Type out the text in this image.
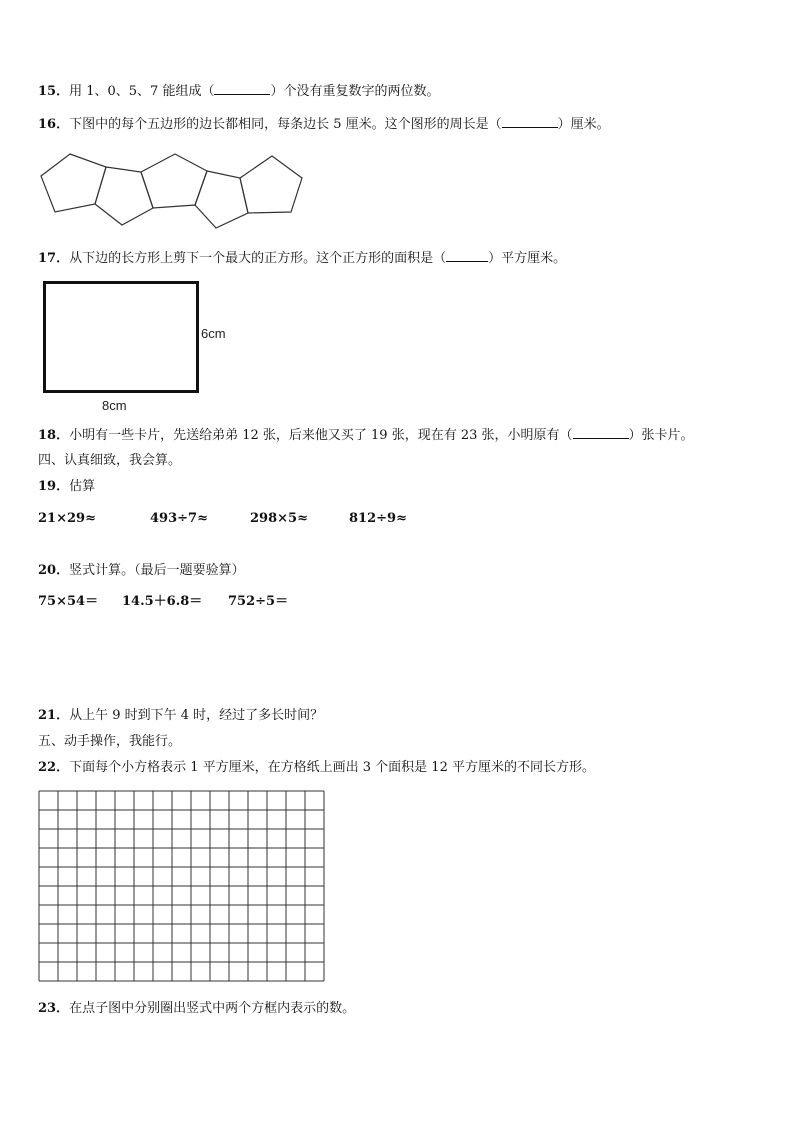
15．用 1、0、5、7 能组成（	）个没有重复数字的两位数。
16．下图中的每个五边形的边长都相同，每条边长 5 厘米。这个图形的周长是（	）厘米。
17．从下边的长方形上剪下一个最大的正方形。这个正方形的面积是（	）平方厘米。
6cm
8cm
18．小明有一些卡片，先送给弟弟 12 张，后来他又买了 19 张，现在有 23 张，小明原有（	）张卡片。
四、认真细致，我会算。
19．估算
21×29≈	493÷7≈	298×5≈	812÷9≈
20．竖式计算。（最后一题要验算）
75×54＝ 14.5＋6.8＝ 752÷5＝
21．从上午 9 时到下午 4 时，经过了多长时间？
五、动手操作，我能行。
22．下面每个小方格表示 1 平方厘米，在方格纸上画出 3 个面积是 12 平方厘米的不同长方形。
23．在点子图中分别圈出竖式中两个方框内表示的数。
